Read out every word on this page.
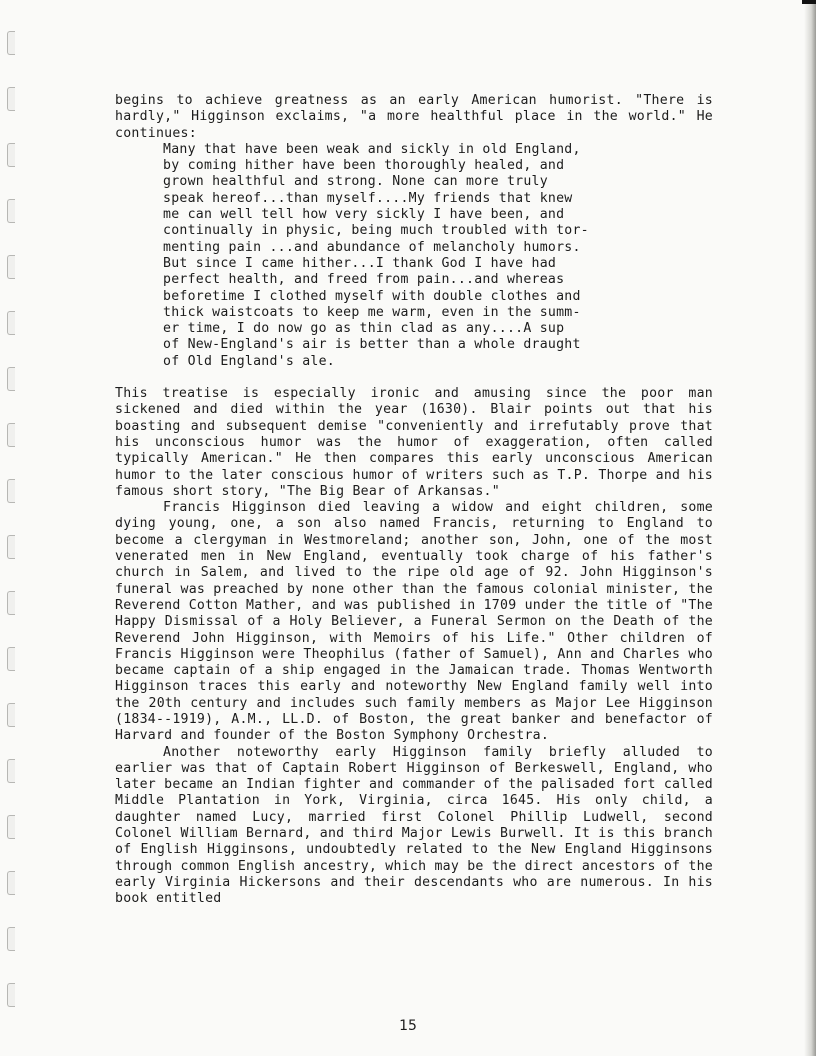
begins to achieve greatness as an early American humorist. "There is hardly," Higginson exclaims, "a more healthful place in the world." He continues:

Many that have been weak and sickly in old England,
by coming hither have been thoroughly healed, and
grown healthful and strong. None can more truly
speak hereof...than myself....My friends that knew
me can well tell how very sickly I have been, and
continually in physic, being much troubled with tor-
menting pain ...and abundance of melancholy humors.
But since I came hither...I thank God I have had
perfect health, and freed from pain...and whereas
beforetime I clothed myself with double clothes and
thick waistcoats to keep me warm, even in the summ-
er time, I do now go as thin clad as any....A sup
of New-England's air is better than a whole draught
of Old England's ale.

This treatise is especially ironic and amusing since the poor man sickened and died within the year (1630). Blair points out that his boasting and subsequent demise "conveniently and irrefutably prove that his unconscious humor was the humor of exaggeration, often called typically American." He then compares this early unconscious American humor to the later conscious humor of writers such as T.P. Thorpe and his famous short story, "The Big Bear of Arkansas."

Francis Higginson died leaving a widow and eight children, some dying young, one, a son also named Francis, returning to England to become a clergyman in Westmoreland; another son, John, one of the most venerated men in New England, eventually took charge of his father's church in Salem, and lived to the ripe old age of 92. John Higginson's funeral was preached by none other than the famous colonial minister, the Reverend Cotton Mather, and was published in 1709 under the title of "The Happy Dismissal of a Holy Believer, a Funeral Sermon on the Death of the Reverend John Higginson, with Memoirs of his Life." Other children of Francis Higginson were Theophilus (father of Samuel), Ann and Charles who became captain of a ship engaged in the Jamaican trade. Thomas Wentworth Higginson traces this early and noteworthy New England family well into the 20th century and includes such family members as Major Lee Higginson (1834--1919), A.M., LL.D. of Boston, the great banker and benefactor of Harvard and founder of the Boston Symphony Orchestra.

Another noteworthy early Higginson family briefly alluded to earlier was that of Captain Robert Higginson of Berkeswell, England, who later became an Indian fighter and commander of the palisaded fort called Middle Plantation in York, Virginia, circa 1645. His only child, a daughter named Lucy, married first Colonel Phillip Ludwell, second Colonel William Bernard, and third Major Lewis Burwell. It is this branch of English Higginsons, undoubtedly related to the New England Higginsons through common English ancestry, which may be the direct ancestors of the early Virginia Hickersons and their descendants who are numerous. In his book entitled

15
